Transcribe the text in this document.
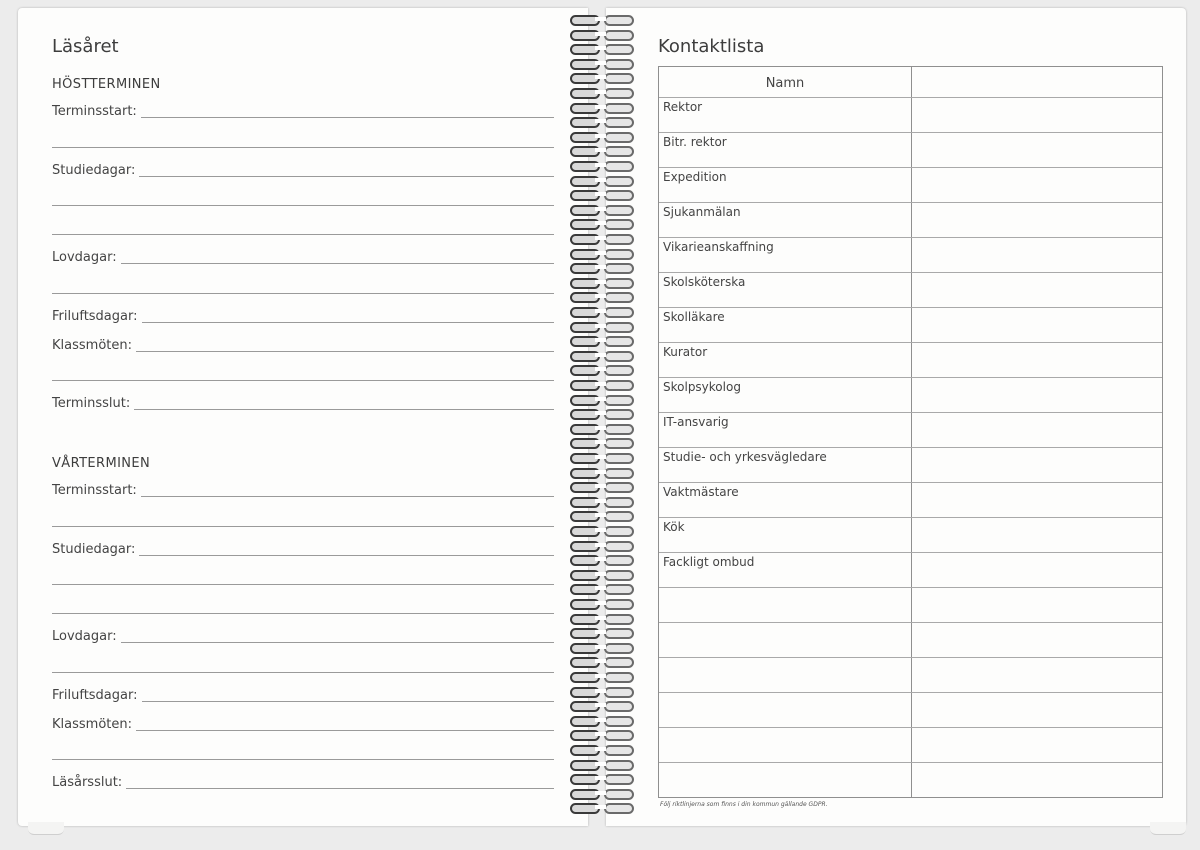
Läsåret
HÖSTTERMINEN
Terminsstart:
Studiedagar:
Lovdagar:
Friluftsdagar:
Klassmöten:
Terminsslut:
VÅRTERMINEN
Terminsstart:
Studiedagar:
Lovdagar:
Friluftsdagar:
Klassmöten:
Läsårsslut:
Kontaktlista
Namn
Rektor
Bitr. rektor
Expedition
Sjukanmälan
Vikarieanskaffning
Skolsköterska
Skolläkare
Kurator
Skolpsykolog
IT-ansvarig
Studie- och yrkesvägledare
Vaktmästare
Kök
Fackligt ombud
Följ riktlinjerna som finns i din kommun gällande GDPR.
